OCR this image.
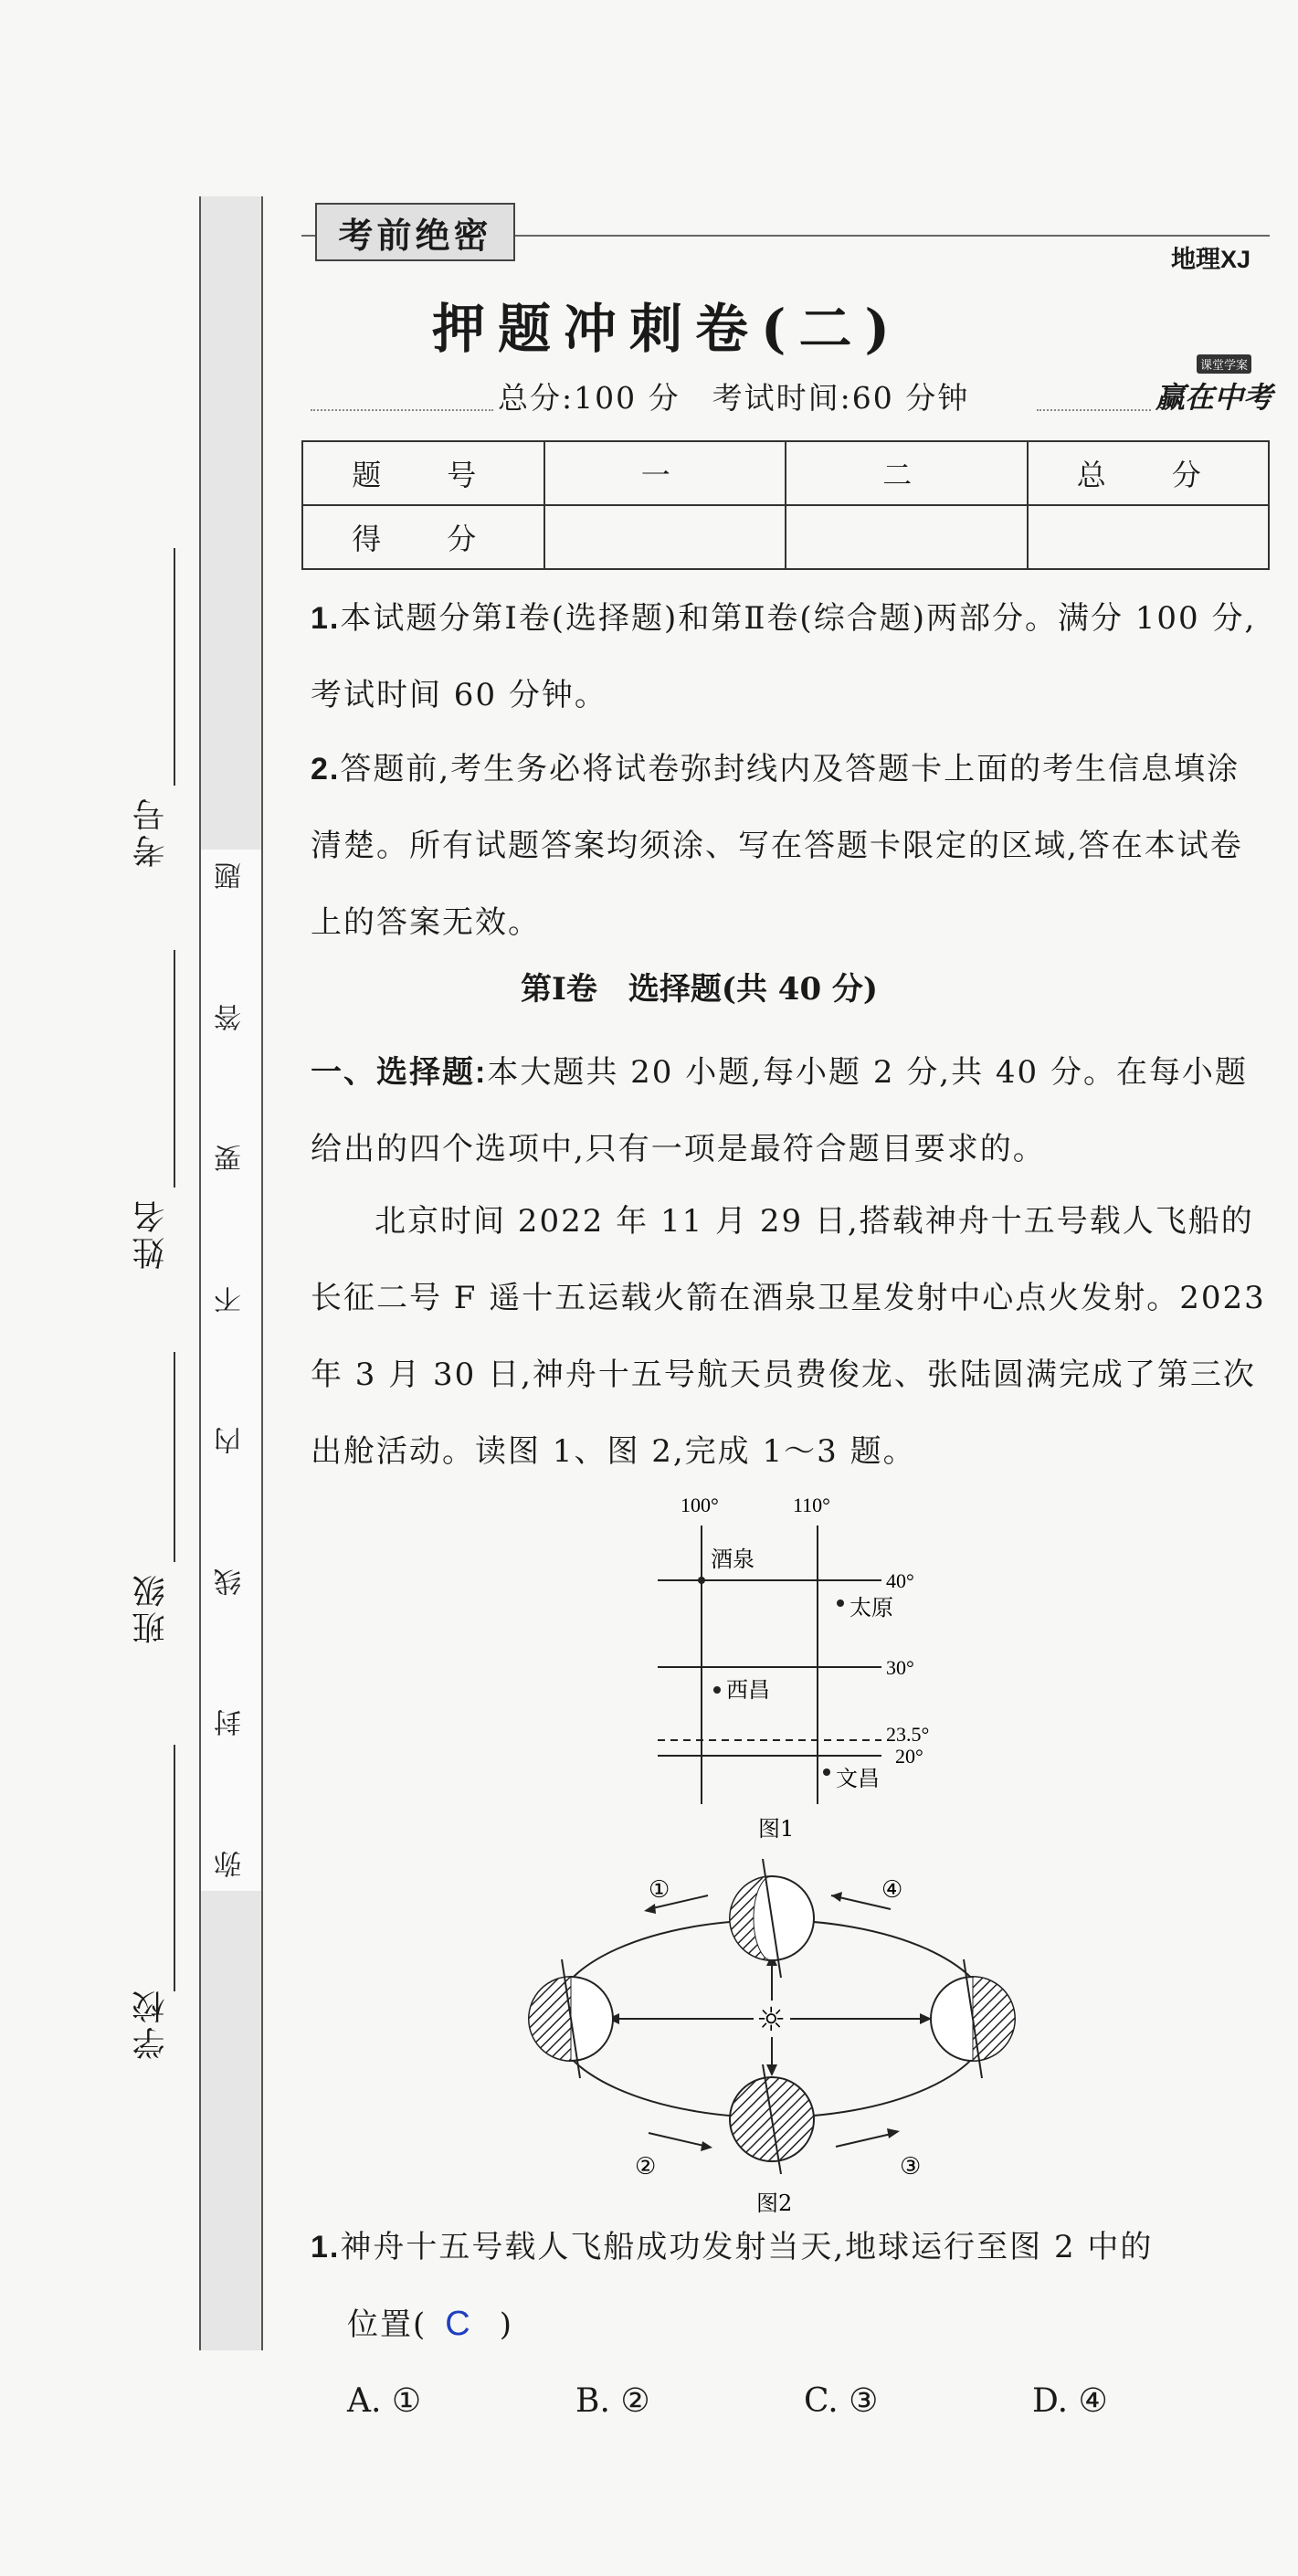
学校
班级
姓名
考号
弥
封
线
内
不
要
答
题
考前绝密
地理XJ
押题冲刺卷(二)
总分:100 分　考试时间:60 分钟
课堂学案
赢在中考
题　号	一	二	总　分
得　分			
1.本试题分第Ⅰ卷(选择题)和第Ⅱ卷(综合题)两部分。满分 100 分,考试时间 60 分钟。
2.答题前,考生务必将试卷弥封线内及答题卡上面的考生信息填涂清楚。所有试题答案均须涂、写在答题卡限定的区域,答在本试卷上的答案无效。
第Ⅰ卷　选择题(共 40 分)
一、选择题:本大题共 20 小题,每小题 2 分,共 40 分。在每小题给出的四个选项中,只有一项是最符合题目要求的。
北京时间 2022 年 11 月 29 日,搭载神舟十五号载人飞船的长征二号 F 遥十五运载火箭在酒泉卫星发射中心点火发射。2023 年 3 月 30 日,神舟十五号航天员费俊龙、张陆圆满完成了第三次出舱活动。读图 1、图 2,完成 1～3 题。
100°	110°
40°
30°
23.5°
20°
酒泉
太原
西昌
文昌
图1
☼
①	④
②	③
图2
1.神舟十五号载人飞船成功发射当天,地球运行至图 2 中的
位置( C )
A. ①	B. ②	C. ③	D. ④
